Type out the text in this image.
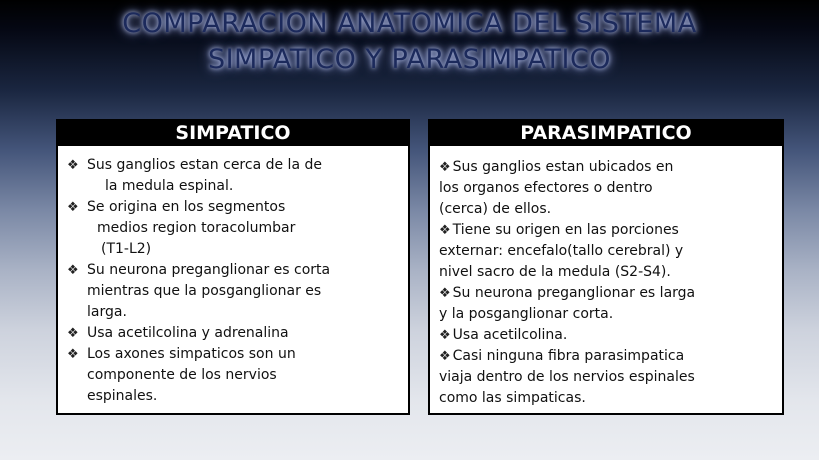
COMPARACION ANATOMICA DEL SISTEMA
SIMPATICO Y PARASIMPATICO
SIMPATICO
❖ Sus ganglios estan cerca de la de
la medula espinal.
❖ Se origina en los segmentos
medios region toracolumbar
(T1-L2)
❖ Su neurona preganglionar es corta
mientras que la posganglionar es
larga.
❖ Usa acetilcolina y adrenalina
❖ Los axones simpaticos son un
componente de los nervios
espinales.
PARASIMPATICO
❖ Sus ganglios estan ubicados en
los organos efectores o dentro
(cerca) de ellos.
❖ Tiene su origen en las porciones
externar: encefalo(tallo cerebral) y
nivel sacro de la medula (S2-S4).
❖ Su neurona preganglionar es larga
y la posganglionar corta.
❖ Usa acetilcolina.
❖ Casi ninguna fibra parasimpatica
viaja dentro de los nervios espinales
como las simpaticas.
